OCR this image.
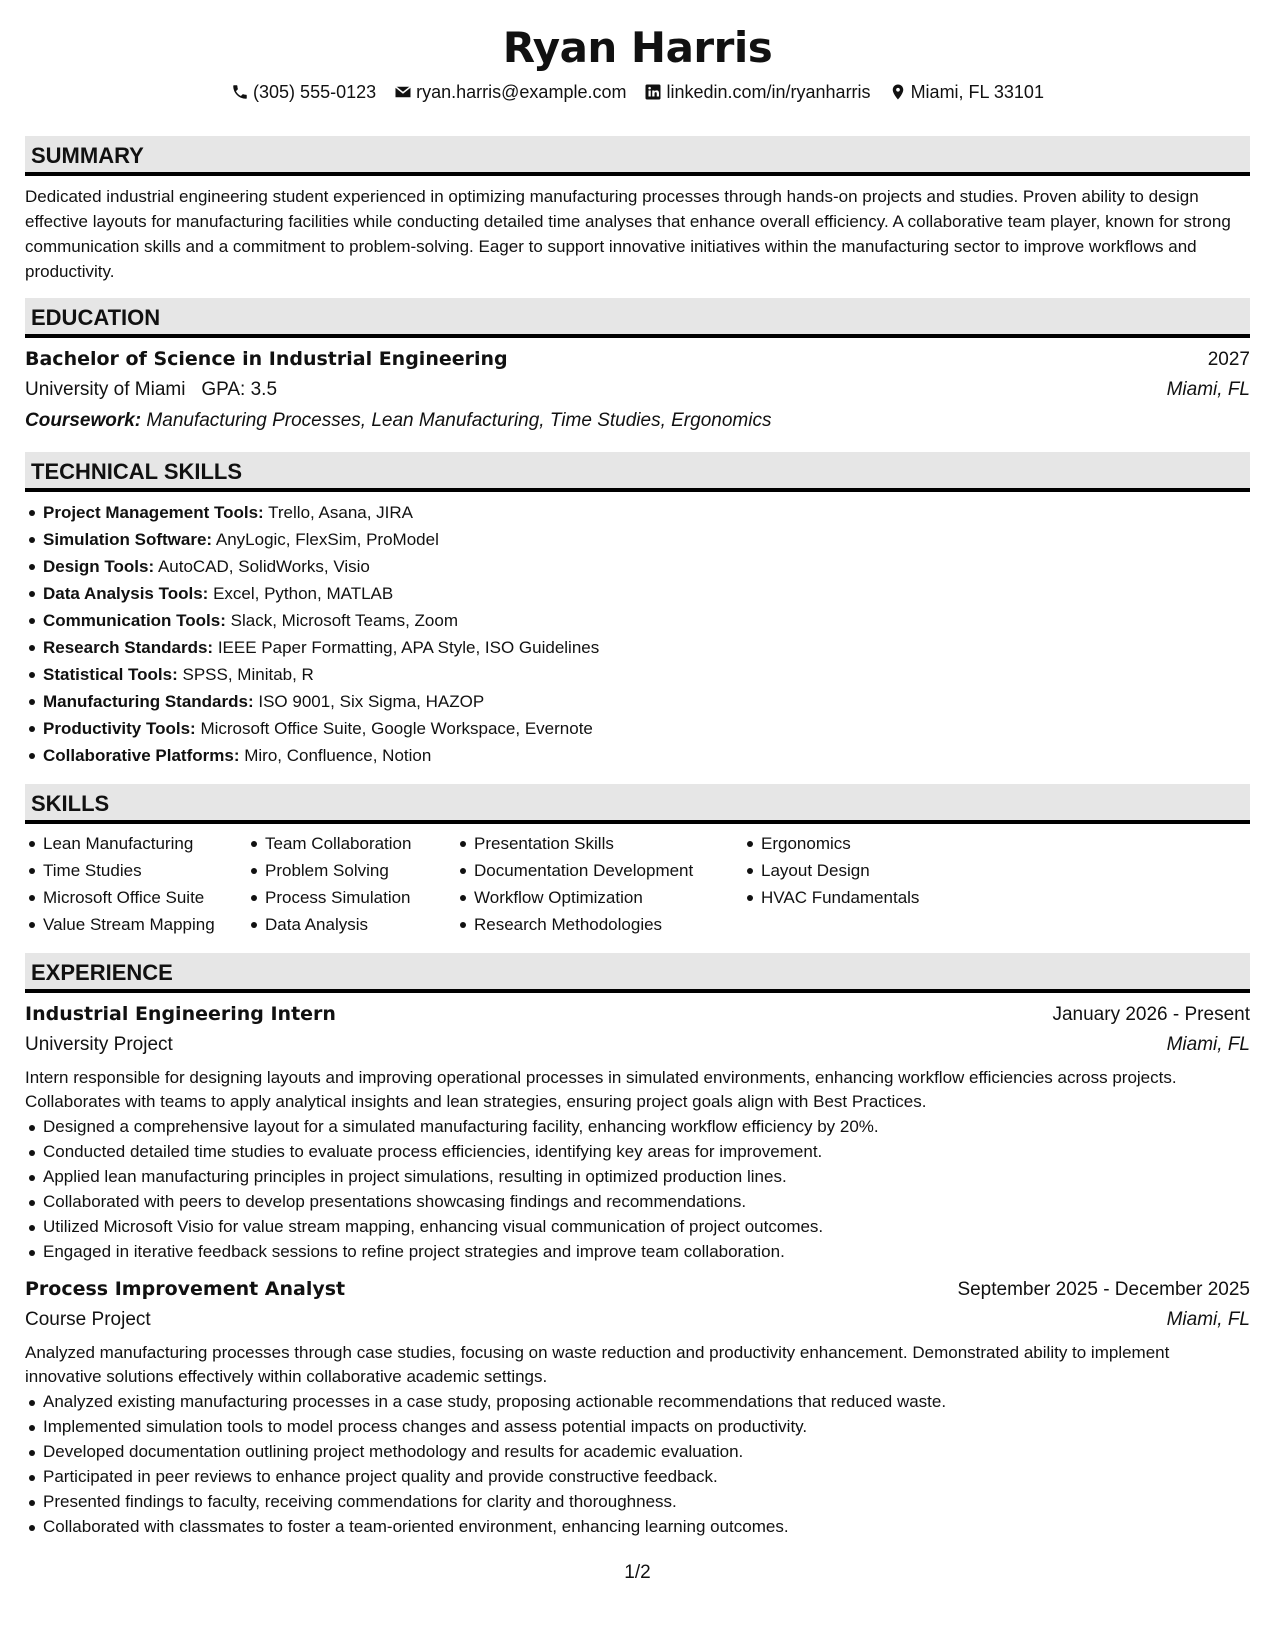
Ryan Harris
(305) 555-0123 ryan.harris@example.com linkedin.com/in/ryanharris Miami, FL 33101
SUMMARY
Dedicated industrial engineering student experienced in optimizing manufacturing processes through hands-on projects and studies. Proven ability to design effective layouts for manufacturing facilities while conducting detailed time analyses that enhance overall efficiency. A collaborative team player, known for strong communication skills and a commitment to problem-solving. Eager to support innovative initiatives within the manufacturing sector to improve workflows and productivity.
EDUCATION
Bachelor of Science in Industrial Engineering	2027
University of Miami GPA: 3.5	Miami, FL
Coursework: Manufacturing Processes, Lean Manufacturing, Time Studies, Ergonomics
TECHNICAL SKILLS
Project Management Tools: Trello, Asana, JIRA
Simulation Software: AnyLogic, FlexSim, ProModel
Design Tools: AutoCAD, SolidWorks, Visio
Data Analysis Tools: Excel, Python, MATLAB
Communication Tools: Slack, Microsoft Teams, Zoom
Research Standards: IEEE Paper Formatting, APA Style, ISO Guidelines
Statistical Tools: SPSS, Minitab, R
Manufacturing Standards: ISO 9001, Six Sigma, HAZOP
Productivity Tools: Microsoft Office Suite, Google Workspace, Evernote
Collaborative Platforms: Miro, Confluence, Notion
SKILLS
Lean Manufacturing
Time Studies
Microsoft Office Suite
Value Stream Mapping
Team Collaboration
Problem Solving
Process Simulation
Data Analysis
Presentation Skills
Documentation Development
Workflow Optimization
Research Methodologies
Ergonomics
Layout Design
HVAC Fundamentals
EXPERIENCE
Industrial Engineering Intern	January 2026 - Present
University Project	Miami, FL
Intern responsible for designing layouts and improving operational processes in simulated environments, enhancing workflow efficiencies across projects. Collaborates with teams to apply analytical insights and lean strategies, ensuring project goals align with Best Practices.
Designed a comprehensive layout for a simulated manufacturing facility, enhancing workflow efficiency by 20%.
Conducted detailed time studies to evaluate process efficiencies, identifying key areas for improvement.
Applied lean manufacturing principles in project simulations, resulting in optimized production lines.
Collaborated with peers to develop presentations showcasing findings and recommendations.
Utilized Microsoft Visio for value stream mapping, enhancing visual communication of project outcomes.
Engaged in iterative feedback sessions to refine project strategies and improve team collaboration.
Process Improvement Analyst	September 2025 - December 2025
Course Project	Miami, FL
Analyzed manufacturing processes through case studies, focusing on waste reduction and productivity enhancement. Demonstrated ability to implement innovative solutions effectively within collaborative academic settings.
Analyzed existing manufacturing processes in a case study, proposing actionable recommendations that reduced waste.
Implemented simulation tools to model process changes and assess potential impacts on productivity.
Developed documentation outlining project methodology and results for academic evaluation.
Participated in peer reviews to enhance project quality and provide constructive feedback.
Presented findings to faculty, receiving commendations for clarity and thoroughness.
Collaborated with classmates to foster a team-oriented environment, enhancing learning outcomes.
1/2
